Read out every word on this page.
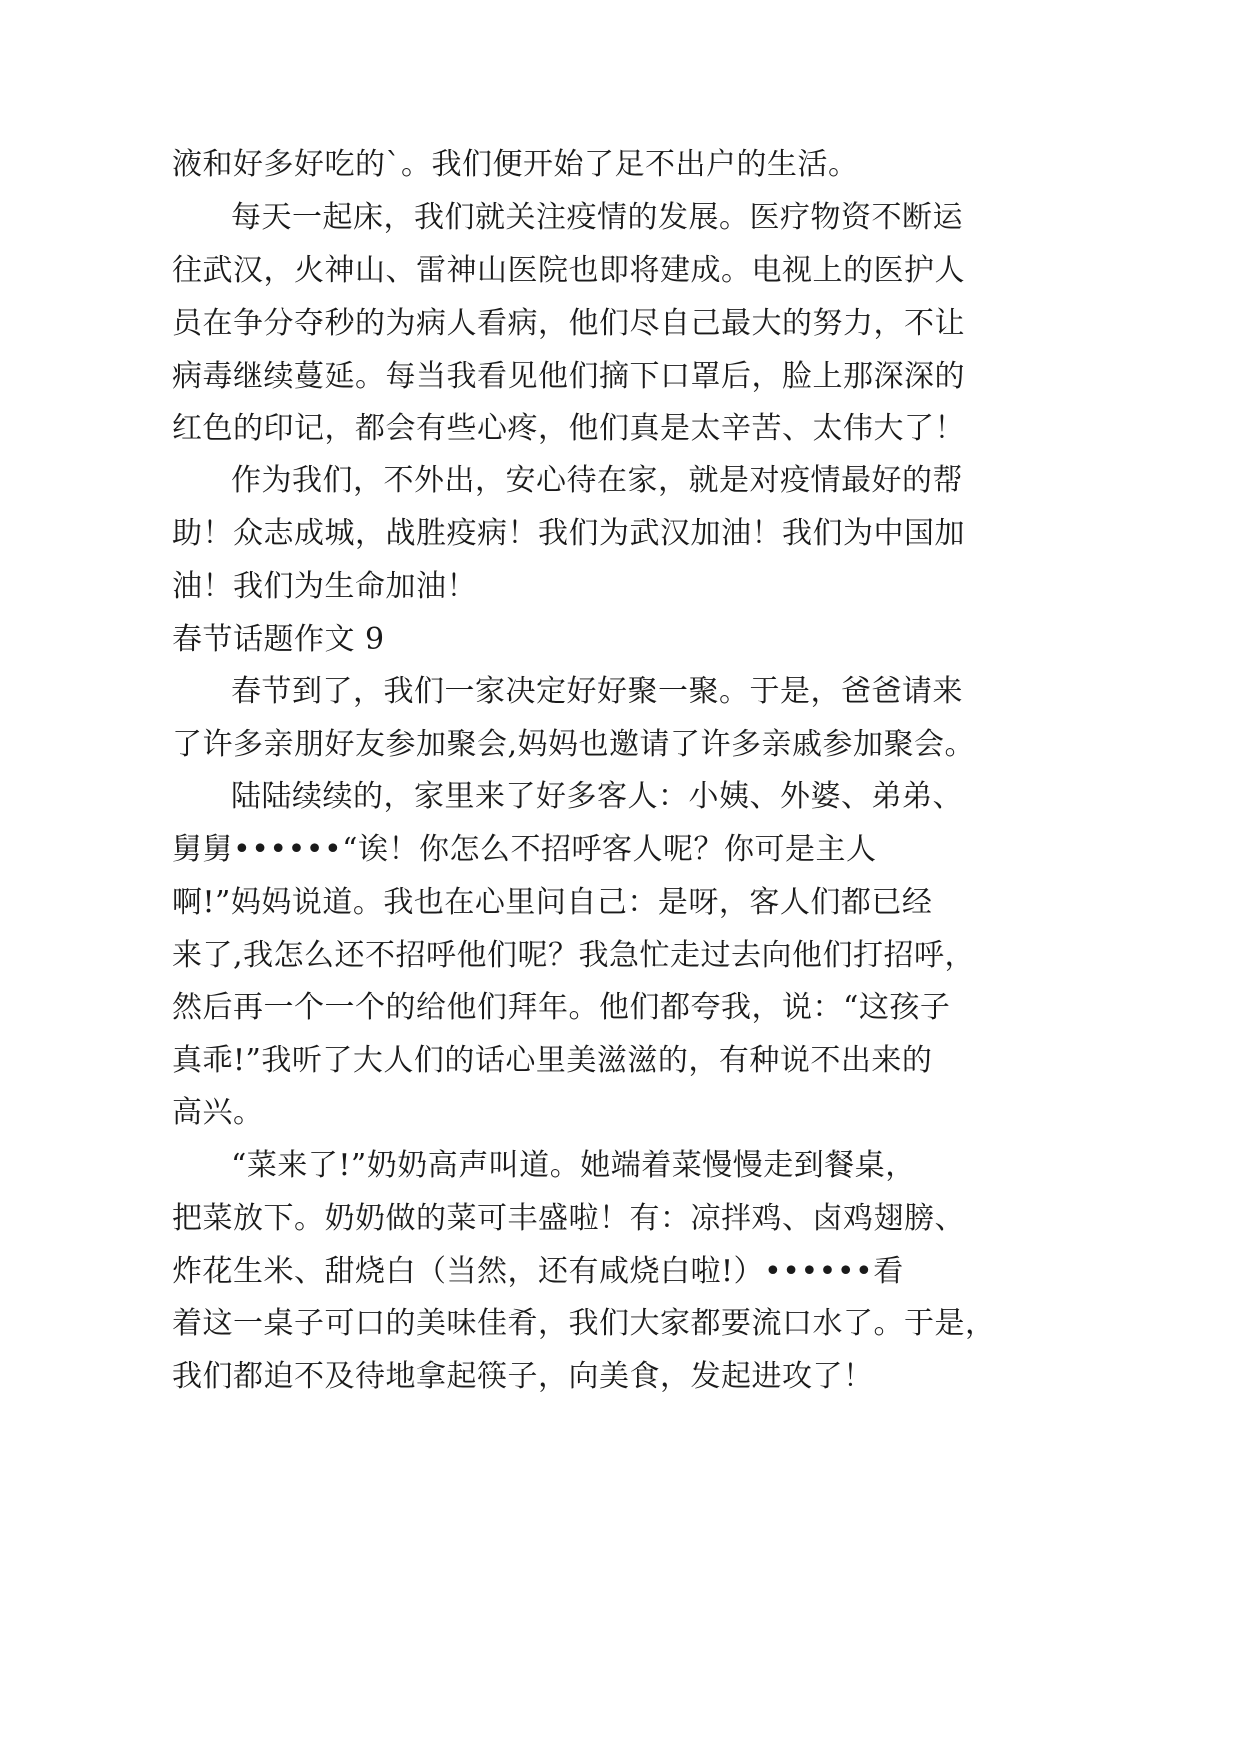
液和好多好吃的`。我们便开始了足不出户的生活。
每天一起床，我们就关注疫情的发展。医疗物资不断运
往武汉，火神山、雷神山医院也即将建成。电视上的医护人
员在争分夺秒的为病人看病，他们尽自己最大的努力，不让
病毒继续蔓延。每当我看见他们摘下口罩后，脸上那深深的
红色的印记，都会有些心疼，他们真是太辛苦、太伟大了！
作为我们，不外出，安心待在家，就是对疫情最好的帮
助！众志成城，战胜疫病！我们为武汉加油！我们为中国加
油！我们为生命加油！
春节话题作文 9
春节到了，我们一家决定好好聚一聚。于是，爸爸请来
了许多亲朋好友参加聚会,妈妈也邀请了许多亲戚参加聚会。
陆陆续续的，家里来了好多客人：小姨、外婆、弟弟、
舅舅••••••“诶！你怎么不招呼客人呢？你可是主人
啊!”妈妈说道。我也在心里问自己：是呀，客人们都已经
来了,我怎么还不招呼他们呢？我急忙走过去向他们打招呼，
然后再一个一个的给他们拜年。他们都夸我，说：“这孩子
真乖!”我听了大人们的话心里美滋滋的，有种说不出来的
高兴。
“菜来了!”奶奶高声叫道。她端着菜慢慢走到餐桌，
把菜放下。奶奶做的菜可丰盛啦！有：凉拌鸡、卤鸡翅膀、
炸花生米、甜烧白（当然，还有咸烧白啦!）••••••看
着这一桌子可口的美味佳肴，我们大家都要流口水了。于是，
我们都迫不及待地拿起筷子，向美食，发起进攻了！
